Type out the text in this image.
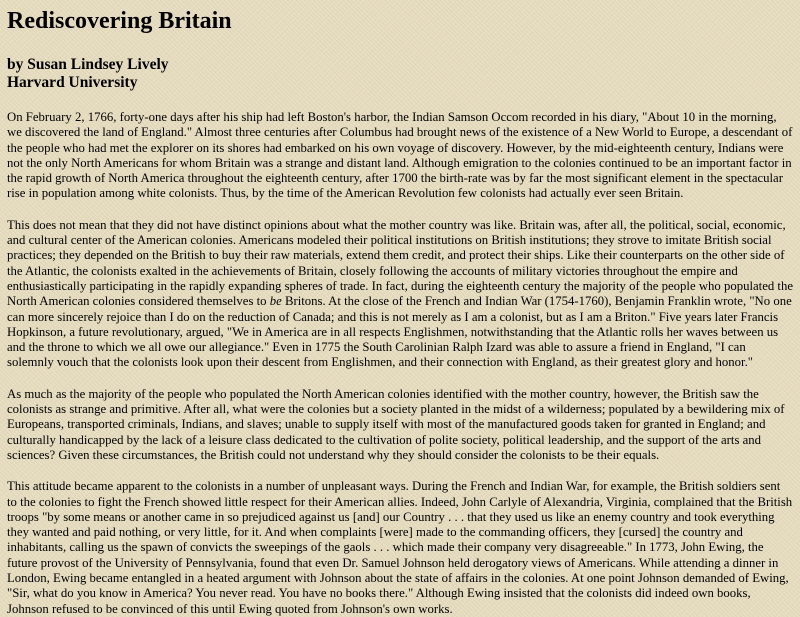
Rediscovering Britain
by Susan Lindsey Lively
Harvard University

On February 2, 1766, forty-one days after his ship had left Boston's harbor, the Indian Samson Occom recorded in his diary, "About 10 in the morning, we discovered the land of England." Almost three centuries after Columbus had brought news of the existence of a New World to Europe, a descendant of the people who had met the explorer on its shores had embarked on his own voyage of discovery. However, by the mid-eighteenth century, Indians were not the only North Americans for whom Britain was a strange and distant land. Although emigration to the colonies continued to be an important factor in the rapid growth of North America throughout the eighteenth century, after 1700 the birth-rate was by far the most significant element in the spectacular rise in population among white colonists. Thus, by the time of the American Revolution few colonists had actually ever seen Britain.

This does not mean that they did not have distinct opinions about what the mother country was like. Britain was, after all, the political, social, economic, and cultural center of the American colonies. Americans modeled their political institutions on British institutions; they strove to imitate British social practices; they depended on the British to buy their raw materials, extend them credit, and protect their ships. Like their counterparts on the other side of the Atlantic, the colonists exalted in the achievements of Britain, closely following the accounts of military victories throughout the empire and enthusiastically participating in the rapidly expanding spheres of trade. In fact, during the eighteenth century the majority of the people who populated the North American colonies considered themselves to be Britons. At the close of the French and Indian War (1754-1760), Benjamin Franklin wrote, "No one can more sincerely rejoice than I do on the reduction of Canada; and this is not merely as I am a colonist, but as I am a Briton." Five years later Francis Hopkinson, a future revolutionary, argued, "We in America are in all respects Englishmen, notwithstanding that the Atlantic rolls her waves between us and the throne to which we all owe our allegiance." Even in 1775 the South Carolinian Ralph Izard was able to assure a friend in England, "I can solemnly vouch that the colonists look upon their descent from Englishmen, and their connection with England, as their greatest glory and honor."

As much as the majority of the people who populated the North American colonies identified with the mother country, however, the British saw the colonists as strange and primitive. After all, what were the colonies but a society planted in the midst of a wilderness; populated by a bewildering mix of Europeans, transported criminals, Indians, and slaves; unable to supply itself with most of the manufactured goods taken for granted in England; and culturally handicapped by the lack of a leisure class dedicated to the cultivation of polite society, political leadership, and the support of the arts and sciences? Given these circumstances, the British could not understand why they should consider the colonists to be their equals.

This attitude became apparent to the colonists in a number of unpleasant ways. During the French and Indian War, for example, the British soldiers sent to the colonies to fight the French showed little respect for their American allies. Indeed, John Carlyle of Alexandria, Virginia, complained that the British troops "by some means or another came in so prejudiced against us [and] our Country . . . that they used us like an enemy country and took everything they wanted and paid nothing, or very little, for it. And when complaints [were] made to the commanding officers, they [cursed] the country and inhabitants, calling us the spawn of convicts the sweepings of the gaols . . . which made their company very disagreeable." In 1773, John Ewing, the future provost of the University of Pennsylvania, found that even Dr. Samuel Johnson held derogatory views of Americans. While attending a dinner in London, Ewing became entangled in a heated argument with Johnson about the state of affairs in the colonies. At one point Johnson demanded of Ewing, "Sir, what do you know in America? You never read. You have no books there." Although Ewing insisted that the colonists did indeed own books, Johnson refused to be convinced of this until Ewing quoted from Johnson's own works.
